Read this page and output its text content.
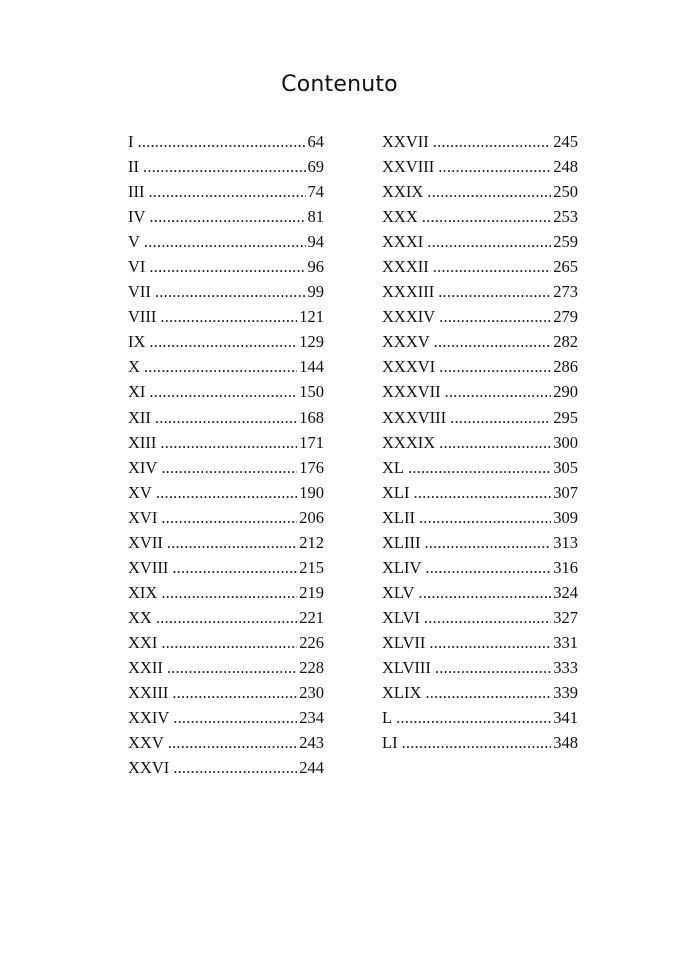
Contenuto
I .....	64
II .....	69
III .....	74
IV .....	81
V .....	94
VI .....	96
VII .....	99
VIII .....	121
IX .....	129
X .....	144
XI .....	150
XII .....	168
XIII .....	171
XIV .....	176
XV .....	190
XVI .....	206
XVII .....	212
XVIII .....	215
XIX .....	219
XX .....	221
XXI .....	226
XXII .....	228
XXIII .....	230
XXIV .....	234
XXV .....	243
XXVI .....	244
XXVII .....	245
XXVIII .....	248
XXIX .....	250
XXX .....	253
XXXI .....	259
XXXII .....	265
XXXIII .....	273
XXXIV .....	279
XXXV .....	282
XXXVI .....	286
XXXVII .....	290
XXXVIII .....	295
XXXIX .....	300
XL .....	305
XLI .....	307
XLII .....	309
XLIII .....	313
XLIV .....	316
XLV .....	324
XLVI .....	327
XLVII .....	331
XLVIII .....	333
XLIX .....	339
L .....	341
LI .....	348
